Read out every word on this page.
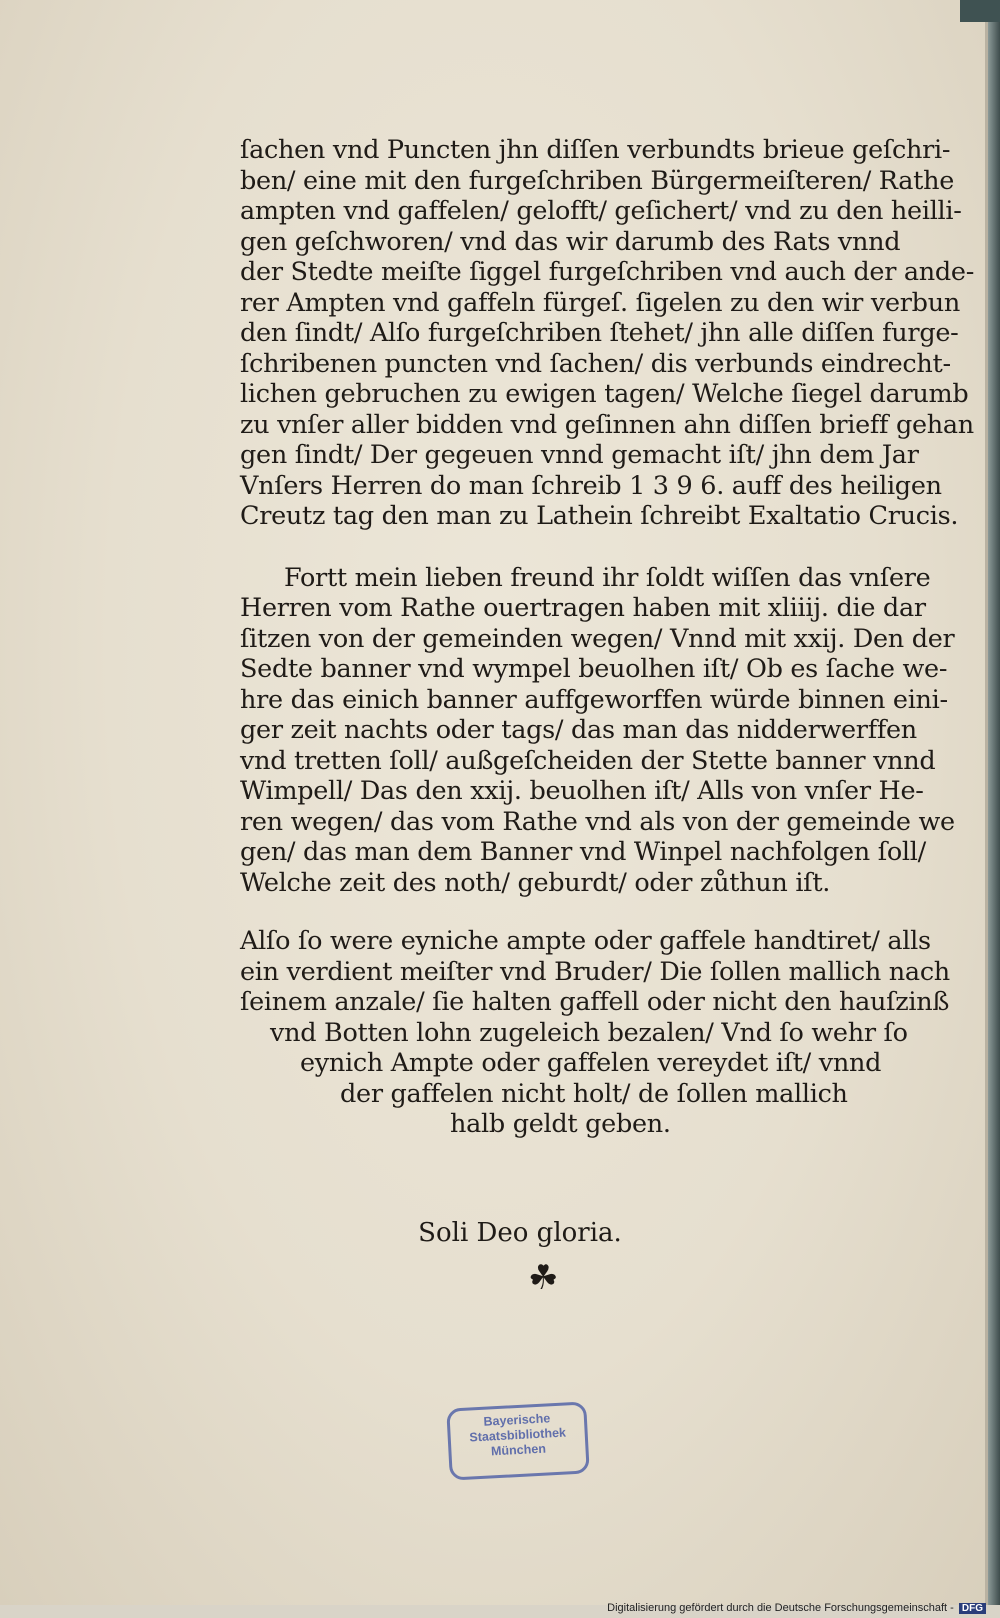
ſachen vnd Puncten jhn diſſen verbundts brieue geſchri-
ben/ eine mit den furgeſchriben Bürgermeiſteren/ Rathe
ampten vnd gaffelen/ gelofft/ geſichert/ vnd zu den heilli-
gen geſchworen/ vnd das wir darumb des Rats vnnd
der Stedte meiſte ſiggel furgeſchriben vnd auch der ande-
rer Ampten vnd gaffeln fürgeſ. ſigelen zu den wir verbun
den ſindt/ Alſo furgeſchriben ſtehet/ jhn alle diſſen furge-
ſchribenen puncten vnd ſachen/ dis verbunds eindrecht-
lichen gebruchen zu ewigen tagen/ Welche ſiegel darumb
zu vnſer aller bidden vnd geſinnen ahn diſſen brieff gehan
gen ſindt/ Der gegeuen vnnd gemacht iſt/ jhn dem Jar
Vnſers Herren do man ſchreib 1 3 9 6. auff des heiligen
Creutz tag den man zu Lathein ſchreibt Exaltatio Crucis.
Fortt mein lieben freund ihr ſoldt wiſſen das vnſere
Herren vom Rathe ouertragen haben mit xliiij. die dar
ſitzen von der gemeinden wegen/ Vnnd mit xxij. Den der
Sedte banner vnd wympel beuolhen iſt/ Ob es ſache we-
hre das einich banner auffgeworffen würde binnen eini-
ger zeit nachts oder tags/ das man das nidderwerffen
vnd tretten ſoll/ außgeſcheiden der Stette banner vnnd
Wimpell/ Das den xxij. beuolhen iſt/ Alls von vnſer He-
ren wegen/ das vom Rathe vnd als von der gemeinde we
gen/ das man dem Banner vnd Winpel nachfolgen ſoll/
Welche zeit des noth/ geburdt/ oder zůthun iſt.
Alſo ſo were eyniche ampte oder gaffele handtiret/ alls
ein verdient meiſter vnd Bruder/ Die ſollen mallich nach
ſeinem anzale/ ſie halten gaffell oder nicht den hauſzinß
vnd Botten lohn zugeleich bezalen/ Vnd ſo wehr ſo
eynich Ampte oder gaffelen vereydet iſt/ vnnd
der gaffelen nicht holt/ de ſollen mallich
halb geldt geben.
Soli Deo gloria.
☘
Bayerische
Staatsbibliothek
München
Digitalisierung gefördert durch die Deutsche Forschungsgemeinschaft - DFG
